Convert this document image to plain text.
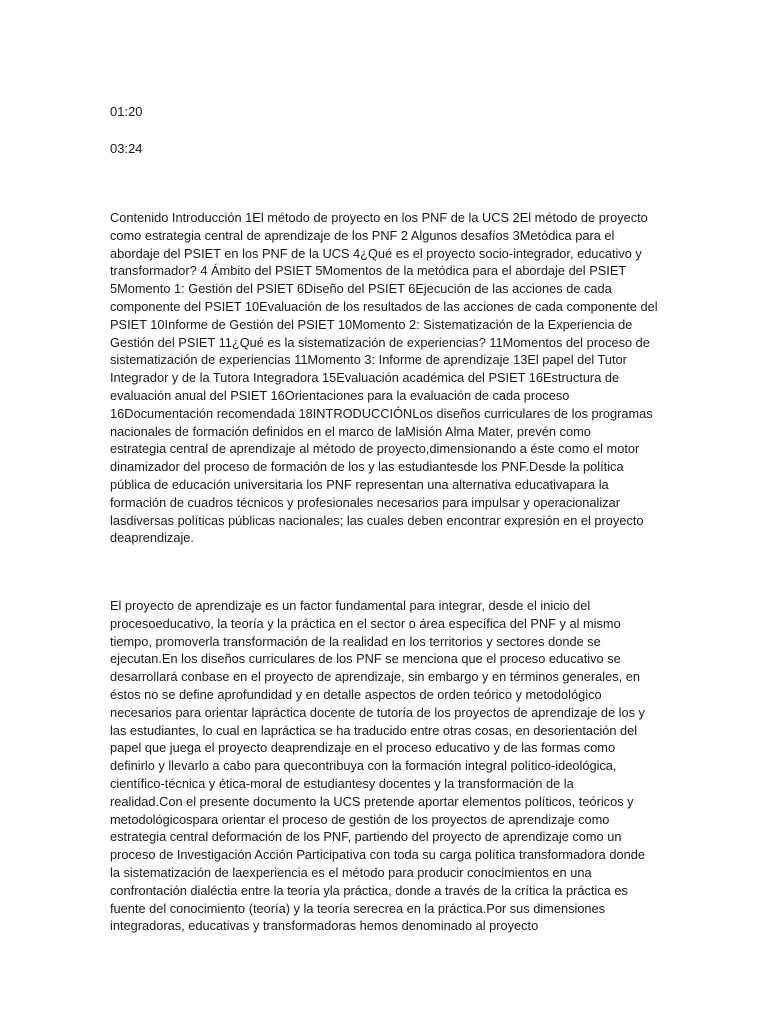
01:20
03:24
Contenido Introducción 1El método de proyecto en los PNF de la UCS 2El método de proyecto
como estrategia central de aprendizaje de los PNF 2 Algunos desafíos 3Metódica para el
abordaje del PSIET en los PNF de la UCS 4¿Qué es el proyecto socio-integrador, educativo y
transformador? 4 Ámbito del PSIET 5Momentos de la metódica para el abordaje del PSIET
5Momento 1: Gestión del PSIET 6Diseño del PSIET 6Ejecución de las acciones de cada
componente del PSIET 10Evaluación de los resultados de las acciones de cada componente del
PSIET 10Informe de Gestión del PSIET 10Momento 2: Sistematización de la Experiencia de
Gestión del PSIET 11¿Qué es la sistematización de experiencias? 11Momentos del proceso de
sistematización de experiencias 11Momento 3: Informe de aprendizaje 13El papel del Tutor
Integrador y de la Tutora Integradora 15Evaluación académica del PSIET 16Estructura de
evaluación anual del PSIET 16Orientaciones para la evaluación de cada proceso
16Documentación recomendada 18INTRODUCCIÓNLos diseños curriculares de los programas
nacionales de formación definidos en el marco de laMisión Alma Mater, prevén como
estrategia central de aprendizaje al método de proyecto,dimensionando a éste como el motor
dinamizador del proceso de formación de los y las estudiantesde los PNF.Desde la política
pública de educación universitaria los PNF representan una alternativa educativapara la
formación de cuadros técnicos y profesionales necesarios para impulsar y operacionalizar
lasdiversas políticas públicas nacionales; las cuales deben encontrar expresión en el proyecto
deaprendizaje.
El proyecto de aprendizaje es un factor fundamental para integrar, desde el inicio del
procesoeducativo, la teoría y la práctica en el sector o área específica del PNF y al mismo
tiempo, promoverla transformación de la realidad en los territorios y sectores donde se
ejecutan.En los diseños curriculares de los PNF se menciona que el proceso educativo se
desarrollará conbase en el proyecto de aprendizaje, sin embargo y en términos generales, en
éstos no se define aprofundidad y en detalle aspectos de orden teórico y metodológico
necesarios para orientar lapráctica docente de tutoría de los proyectos de aprendizaje de los y
las estudiantes, lo cual en lapráctica se ha traducido entre otras cosas, en desorientación del
papel que juega el proyecto deaprendizaje en el proceso educativo y de las formas como
definirlo y llevarlo a cabo para quecontribuya con la formación integral político-ideológica,
científico-técnica y ética-moral de estudiantesy docentes y la transformación de la
realidad.Con el presente documento la UCS pretende aportar elementos políticos, teóricos y
metodológicospara orientar el proceso de gestión de los proyectos de aprendizaje como
estrategia central deformación de los PNF, partiendo del proyecto de aprendizaje como un
proceso de Investigación Acción Participativa con toda su carga política transformadora donde
la sistematización de laexperiencia es el método para producir conocimientos en una
confrontación dialéctia entre la teoría yla práctica, donde a través de la crítica la práctica es
fuente del conocimiento (teoría) y la teoría serecrea en la práctica.Por sus dimensiones
integradoras, educativas y transformadoras hemos denominado al proyecto
